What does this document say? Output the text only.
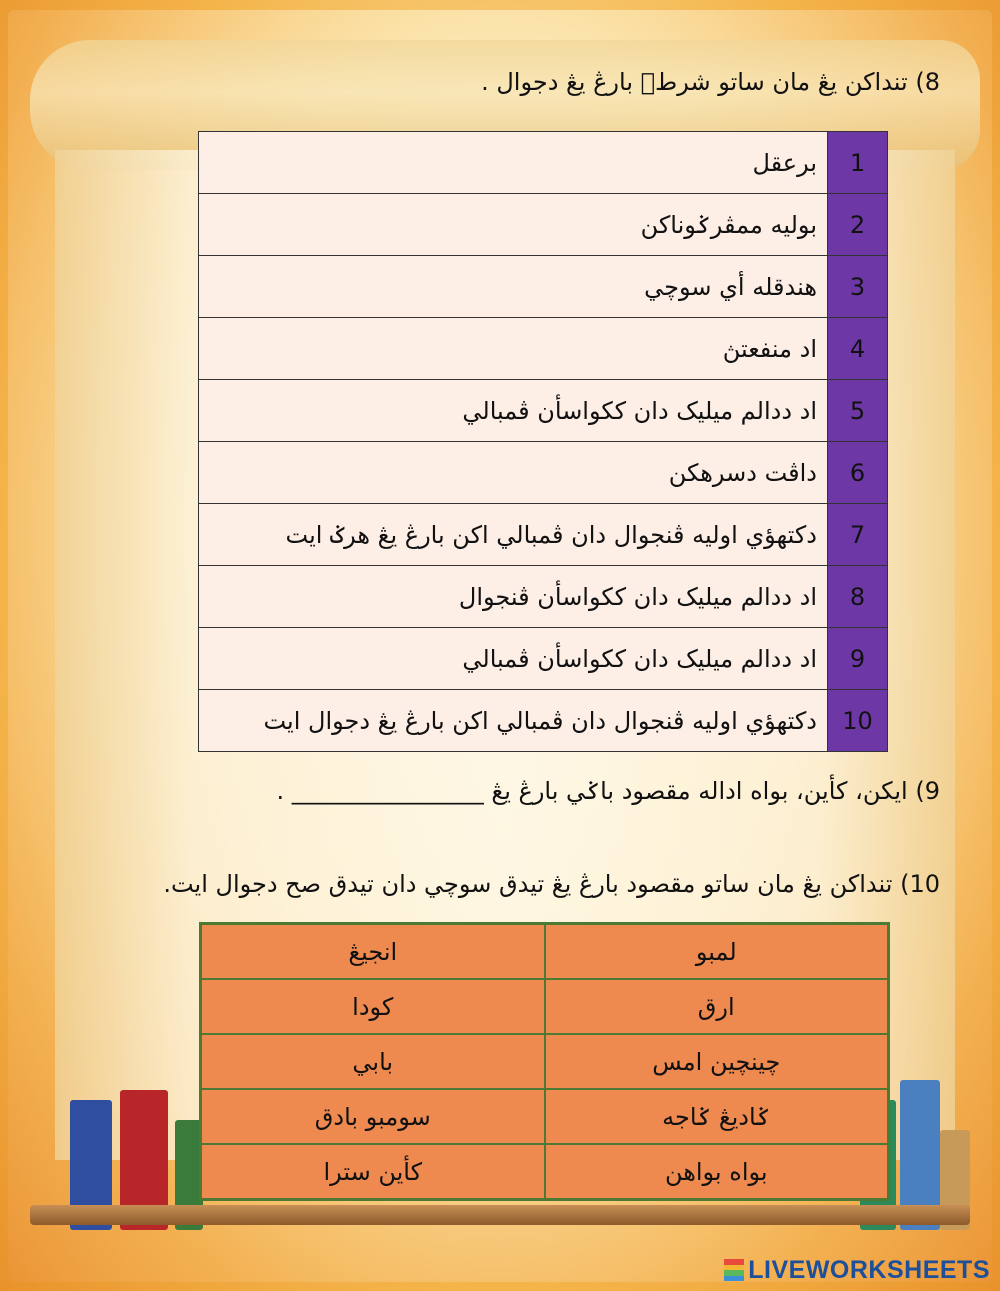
8) تنداکن يڠ مان ساتو شرطࣙ بارڠ يڠ دجوال .
1	برعقل
2	بوليه ممڤرݢوناکن
3	هندقله أي سوچي
4	اد منفعتڽ
5	اد ددالم ميليک دان ککواسأن ڤمبالي
6	داڤت دسرهکن
7	دکتهؤي اوليه ڤنجوال دان ڤمبالي اکن بارڠ يڠ هرݢ ايت
8	اد ددالم ميليک دان ککواسأن ڤنجوال
9	اد ددالم ميليک دان ککواسأن ڤمبالي
10	دکتهؤي اوليه ڤنجوال دان ڤمبالي اکن بارڠ يڠ دجوال ايت
9) ايکن، کأين، بواه اداله مقصود باݢي بارڠ يڠ ________________ .
10) تنداکن يڠ مان ساتو مقصود بارڠ يڠ تيدق سوچي دان تيدق صح دجوال ايت.
لمبو	انجيڠ
ارق	کودا
چينچين امس	بابي
ݢاديڠ ݢاجه	سومبو بادق
بواه بواهن	کأين سترا
LIVEWORKSHEETS
